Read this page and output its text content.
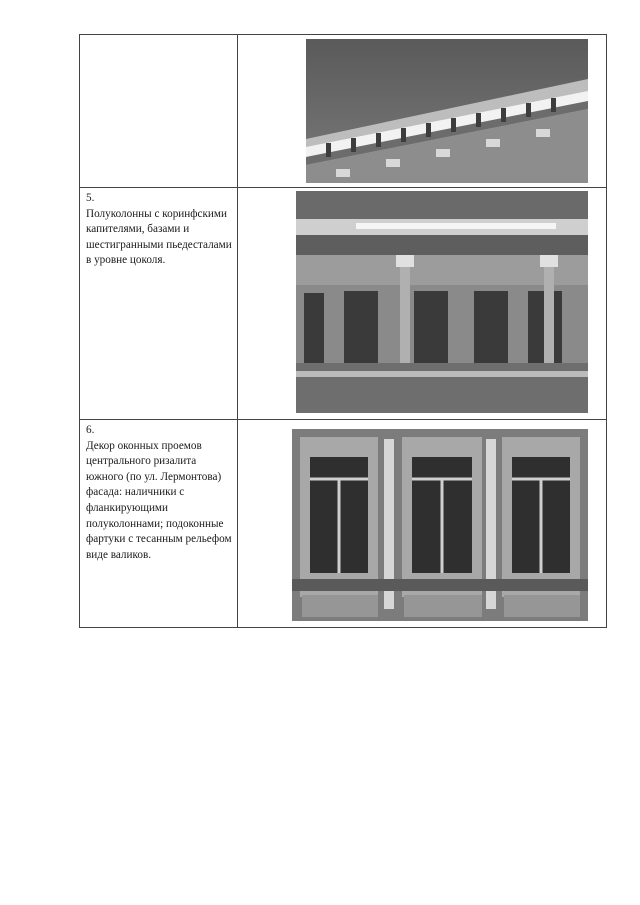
5.

Полуколонны с коринфскими капителями, базами и шестигранными пьедесталами в уровне цоколя.

6.

Декор оконных проемов центрального ризалита южного (по ул. Лермонтова) фасада: наличники с фланкирующими полуколоннами; подоконные фартуки с тесанным рельефом виде валиков.
